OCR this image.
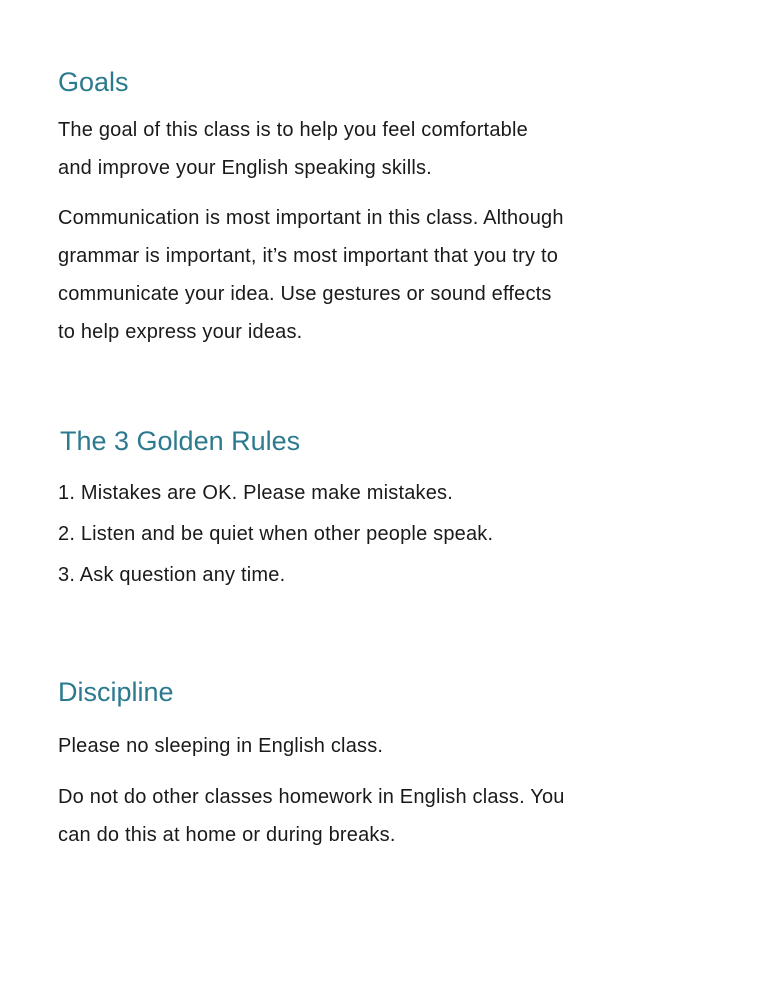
Goals

The goal of this class is to help you feel comfortable
and improve your English speaking skills.

Communication is most important in this class. Although
grammar is important, it’s most important that you try to
communicate your idea. Use gestures or sound effects
to help express your ideas.

The 3 Golden Rules

1. Mistakes are OK. Please make mistakes.

2. Listen and be quiet when other people speak.

3. Ask question any time.

Discipline

Please no sleeping in English class.

Do not do other classes homework in English class. You
can do this at home or during breaks.
